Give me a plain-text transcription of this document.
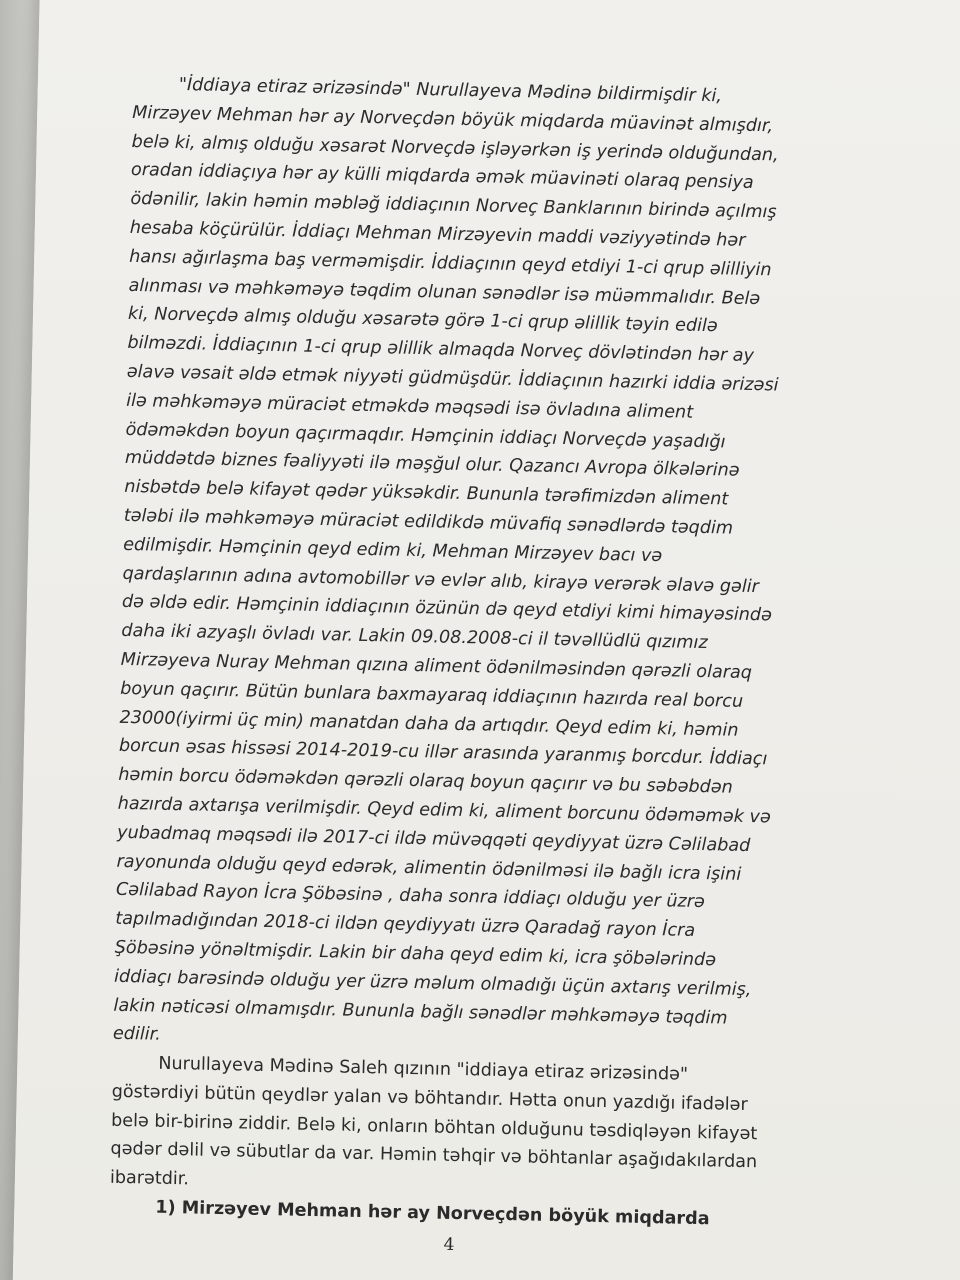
"İddiaya etiraz ərizəsində" Nurullayeva Mədinə bildirmişdir ki,
Mirzəyev Mehman hər ay Norveçdən böyük miqdarda müavinət almışdır,
belə ki, almış olduğu xəsarət Norveçdə işləyərkən iş yerində olduğundan,
oradan iddiaçıya hər ay külli miqdarda əmək müavinəti olaraq pensiya
ödənilir, lakin həmin məbləğ iddiaçının Norveç Banklarının birində açılmış
hesaba köçürülür. İddiaçı Mehman Mirzəyevin maddi vəziyyətində hər
hansı ağırlaşma baş verməmişdir. İddiaçının qeyd etdiyi 1-ci qrup əlilliyin
alınması və məhkəməyə təqdim olunan sənədlər isə müəmmalıdır. Belə
ki, Norveçdə almış olduğu xəsarətə görə 1-ci qrup əlillik təyin edilə
bilməzdi. İddiaçının 1-ci qrup əlillik almaqda Norveç dövlətindən hər ay
əlavə vəsait əldə etmək niyyəti güdmüşdür. İddiaçının hazırki iddia ərizəsi
ilə məhkəməyə müraciət etməkdə məqsədi isə övladına aliment
ödəməkdən boyun qaçırmaqdır. Həmçinin iddiaçı Norveçdə yaşadığı
müddətdə biznes fəaliyyəti ilə məşğul olur. Qazancı Avropa ölkələrinə
nisbətdə belə kifayət qədər yüksəkdir. Bununla tərəfimizdən aliment
tələbi ilə məhkəməyə müraciət edildikdə müvafiq sənədlərdə təqdim
edilmişdir. Həmçinin qeyd edim ki, Mehman Mirzəyev bacı və
qardaşlarının adına avtomobillər və evlər alıb, kirayə verərək əlavə gəlir
də əldə edir. Həmçinin iddiaçının özünün də qeyd etdiyi kimi himayəsində
daha iki azyaşlı övladı var. Lakin 09.08.2008-ci il təvəllüdlü qızımız
Mirzəyeva Nuray Mehman qızına aliment ödənilməsindən qərəzli olaraq
boyun qaçırır. Bütün bunlara baxmayaraq iddiaçının hazırda real borcu
23000(iyirmi üç min) manatdan daha da artıqdır. Qeyd edim ki, həmin
borcun əsas hissəsi 2014-2019-cu illər arasında yaranmış borcdur. İddiaçı
həmin borcu ödəməkdən qərəzli olaraq boyun qaçırır və bu səbəbdən
hazırda axtarışa verilmişdir. Qeyd edim ki, aliment borcunu ödəməmək və
yubadmaq məqsədi ilə 2017-ci ildə müvəqqəti qeydiyyat üzrə Cəlilabad
rayonunda olduğu qeyd edərək, alimentin ödənilməsi ilə bağlı icra işini
Cəlilabad Rayon İcra Şöbəsinə , daha sonra iddiaçı olduğu yer üzrə
tapılmadığından 2018-ci ildən qeydiyyatı üzrə Qaradağ rayon İcra
Şöbəsinə yönəltmişdir. Lakin bir daha qeyd edim ki, icra şöbələrində
iddiaçı barəsində olduğu yer üzrə məlum olmadığı üçün axtarış verilmiş,
lakin nəticəsi olmamışdır. Bununla bağlı sənədlər məhkəməyə təqdim
edilir.
Nurullayeva Mədinə Saleh qızının "iddiaya etiraz ərizəsində"
göstərdiyi bütün qeydlər yalan və böhtandır. Hətta onun yazdığı ifadələr
belə bir-birinə ziddir. Belə ki, onların böhtan olduğunu təsdiqləyən kifayət
qədər dəlil və sübutlar da var. Həmin təhqir və böhtanlar aşağıdakılardan
ibarətdir.
1) Mirzəyev Mehman hər ay Norveçdən böyük miqdarda
4
